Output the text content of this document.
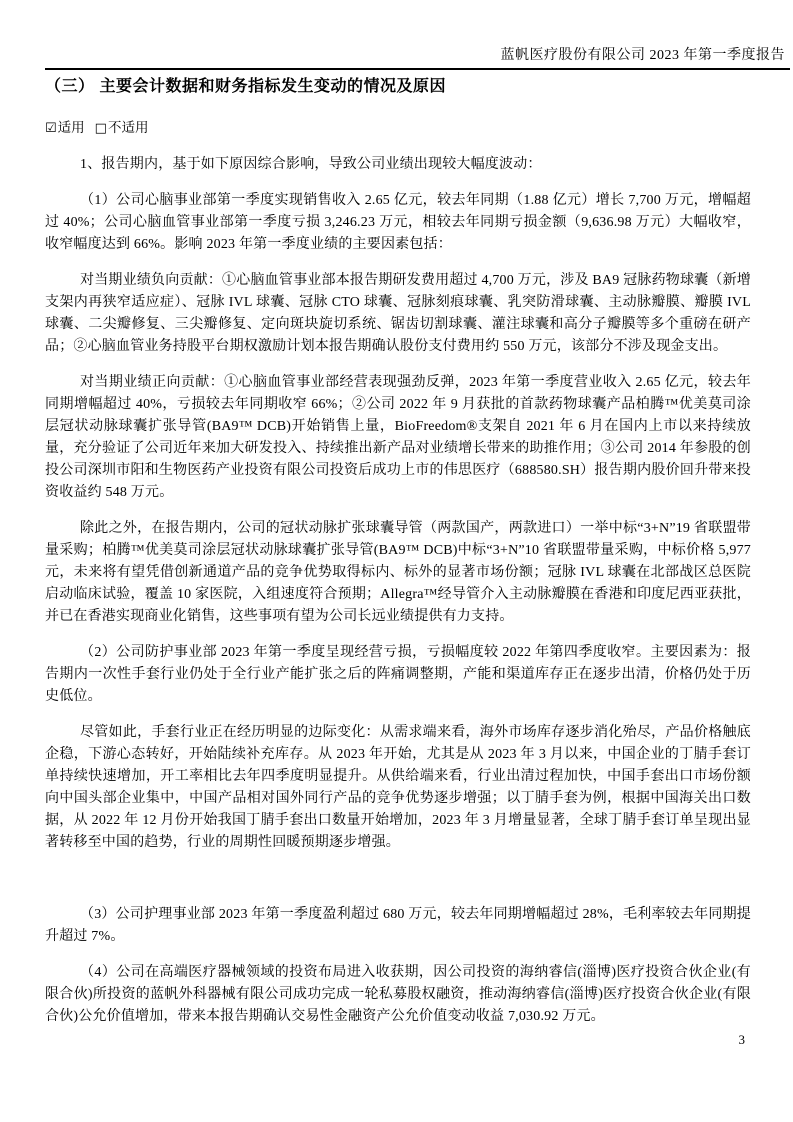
蓝帆医疗股份有限公司 2023 年第一季度报告
（三） 主要会计数据和财务指标发生变动的情况及原因
☑适用 □不适用

1、报告期内，基于如下原因综合影响，导致公司业绩出现较大幅度波动：

（1）公司心脑事业部第一季度实现销售收入 2.65 亿元，较去年同期（1.88 亿元）增长 7,700 万元，增幅超过 40%；公司心脑血管事业部第一季度亏损 3,246.23 万元，相较去年同期亏损金额（9,636.98 万元）大幅收窄，收窄幅度达到 66%。影响 2023 年第一季度业绩的主要因素包括：

对当期业绩负向贡献：①心脑血管事业部本报告期研发费用超过 4,700 万元，涉及 BA9 冠脉药物球囊（新增支架内再狭窄适应症）、冠脉 IVL 球囊、冠脉 CTO 球囊、冠脉刻痕球囊、乳突防滑球囊、主动脉瓣膜、瓣膜 IVL 球囊、二尖瓣修复、三尖瓣修复、定向斑块旋切系统、锯齿切割球囊、灌注球囊和高分子瓣膜等多个重磅在研产品；②心脑血管业务持股平台期权激励计划本报告期确认股份支付费用约 550 万元，该部分不涉及现金支出。

对当期业绩正向贡献：①心脑血管事业部经营表现强劲反弹，2023 年第一季度营业收入 2.65 亿元，较去年同期增幅超过 40%，亏损较去年同期收窄 66%；②公司 2022 年 9 月获批的首款药物球囊产品柏腾™优美莫司涂层冠状动脉球囊扩张导管(BA9™ DCB)开始销售上量，BioFreedom®支架自 2021 年 6 月在国内上市以来持续放量，充分验证了公司近年来加大研发投入、持续推出新产品对业绩增长带来的助推作用；③公司 2014 年参股的创投公司深圳市阳和生物医药产业投资有限公司投资后成功上市的伟思医疗（688580.SH）报告期内股价回升带来投资收益约 548 万元。

除此之外，在报告期内，公司的冠状动脉扩张球囊导管（两款国产，两款进口）一举中标“3+N”19 省联盟带量采购；柏腾™优美莫司涂层冠状动脉球囊扩张导管(BA9™ DCB)中标“3+N”10 省联盟带量采购，中标价格 5,977 元，未来将有望凭借创新通道产品的竞争优势取得标内、标外的显著市场份额；冠脉 IVL 球囊在北部战区总医院启动临床试验，覆盖 10 家医院，入组速度符合预期；Allegra™经导管介入主动脉瓣膜在香港和印度尼西亚获批，并已在香港实现商业化销售，这些事项有望为公司长远业绩提供有力支持。

（2）公司防护事业部 2023 年第一季度呈现经营亏损，亏损幅度较 2022 年第四季度收窄。主要因素为：报告期内一次性手套行业仍处于全行业产能扩张之后的阵痛调整期，产能和渠道库存正在逐步出清，价格仍处于历史低位。

尽管如此，手套行业正在经历明显的边际变化：从需求端来看，海外市场库存逐步消化殆尽，产品价格触底企稳，下游心态转好，开始陆续补充库存。从 2023 年开始，尤其是从 2023 年 3 月以来，中国企业的丁腈手套订单持续快速增加，开工率相比去年四季度明显提升。从供给端来看，行业出清过程加快，中国手套出口市场份额向中国头部企业集中，中国产品相对国外同行产品的竞争优势逐步增强；以丁腈手套为例，根据中国海关出口数据，从 2022 年 12 月份开始我国丁腈手套出口数量开始增加，2023 年 3 月增量显著，全球丁腈手套订单呈现出显著转移至中国的趋势，行业的周期性回暖预期逐步增强。

（3）公司护理事业部 2023 年第一季度盈利超过 680 万元，较去年同期增幅超过 28%，毛利率较去年同期提升超过 7%。

（4）公司在高端医疗器械领域的投资布局进入收获期，因公司投资的海纳睿信(淄博)医疗投资合伙企业(有限合伙)所投资的蓝帆外科器械有限公司成功完成一轮私募股权融资，推动海纳睿信(淄博)医疗投资合伙企业(有限合伙)公允价值增加，带来本报告期确认交易性金融资产公允价值变动收益 7,030.92 万元。

3
